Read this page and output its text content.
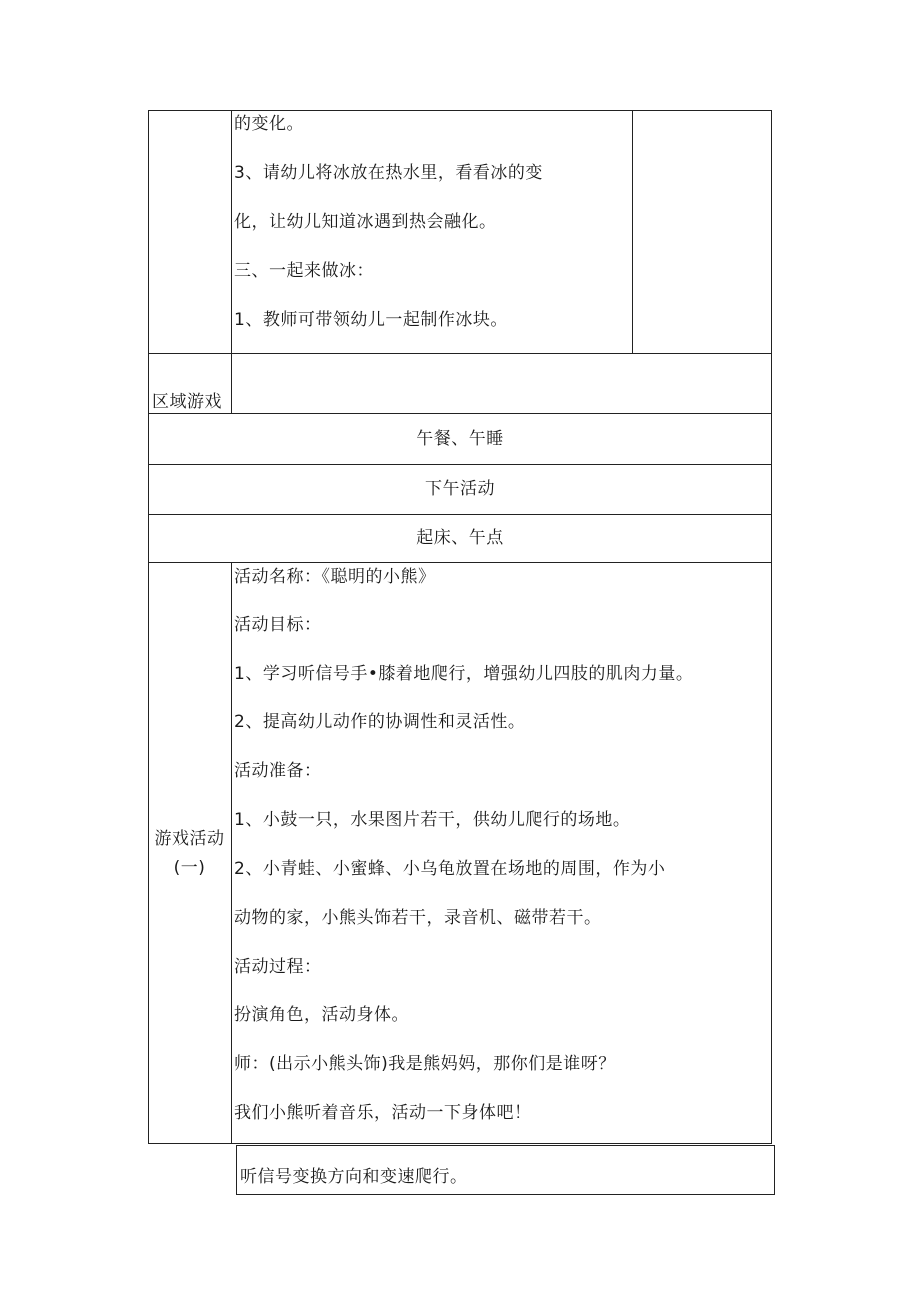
的变化。
3、请幼儿将冰放在热水里，看看冰的变
化，让幼儿知道冰遇到热会融化。
三、一起来做冰：
1、教师可带领幼儿一起制作冰块。
区域游戏
午餐、午睡
下午活动
起床、午点
游戏活动
(一)
活动名称：《聪明的小熊》
活动目标：
1、学习听信号手•膝着地爬行，增强幼儿四肢的肌肉力量。
2、提高幼儿动作的协调性和灵活性。
活动准备：
1、小鼓一只，水果图片若干，供幼儿爬行的场地。
2、小青蛙、小蜜蜂、小乌龟放置在场地的周围，作为小
动物的家，小熊头饰若干，录音机、磁带若干。
活动过程：
扮演角色，活动身体。
师：(出示小熊头饰)我是熊妈妈，那你们是谁呀？
我们小熊听着音乐，活动一下身体吧！
听信号变换方向和变速爬行。
